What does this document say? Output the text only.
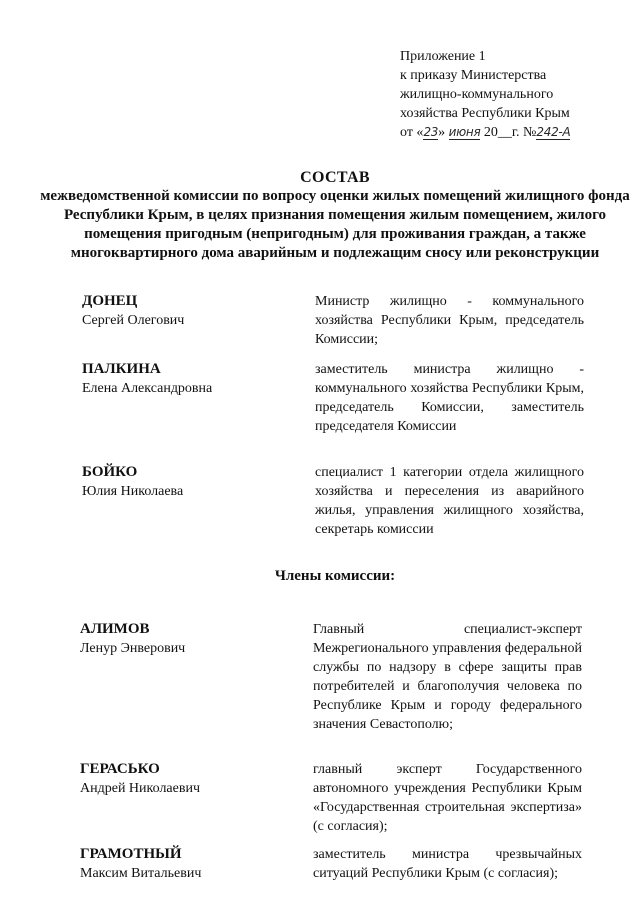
Приложение 1
к приказу Министерства
жилищно-коммунального
хозяйства Республики Крым
от «23» июня 20__г. №242-А
СОСТАВ
межведомственной комиссии по вопросу оценки жилых помещений жилищного фонда Республики Крым, в целях признания помещения жилым помещением, жилого помещения пригодным (непригодным) для проживания граждан, а также многоквартирного дома аварийным и подлежащим сносу или реконструкции
ДОНЕЦ
Сергей Олегович
Министр жилищно - коммунального хозяйства Республики Крым, председатель Комиссии;
ПАЛКИНА
Елена Александровна
заместитель министра жилищно - коммунального хозяйства Республики Крым, председатель Комиссии, заместитель председателя Комиссии
БОЙКО
Юлия Николаева
специалист 1 категории отдела жилищного хозяйства и переселения из аварийного жилья, управления жилищного хозяйства, секретарь комиссии
Члены комиссии:
АЛИМОВ
Ленур Энверович
Главный специалист-эксперт Межрегионального управления федеральной службы по надзору в сфере защиты прав потребителей и благополучия человека по Республике Крым и городу федерального значения Севастополю;
ГЕРАСЬКО
Андрей Николаевич
главный эксперт Государственного автономного учреждения Республики Крым «Государственная строительная экспертиза» (с согласия);
ГРАМОТНЫЙ
Максим Витальевич
заместитель министра чрезвычайных ситуаций Республики Крым (с согласия);
